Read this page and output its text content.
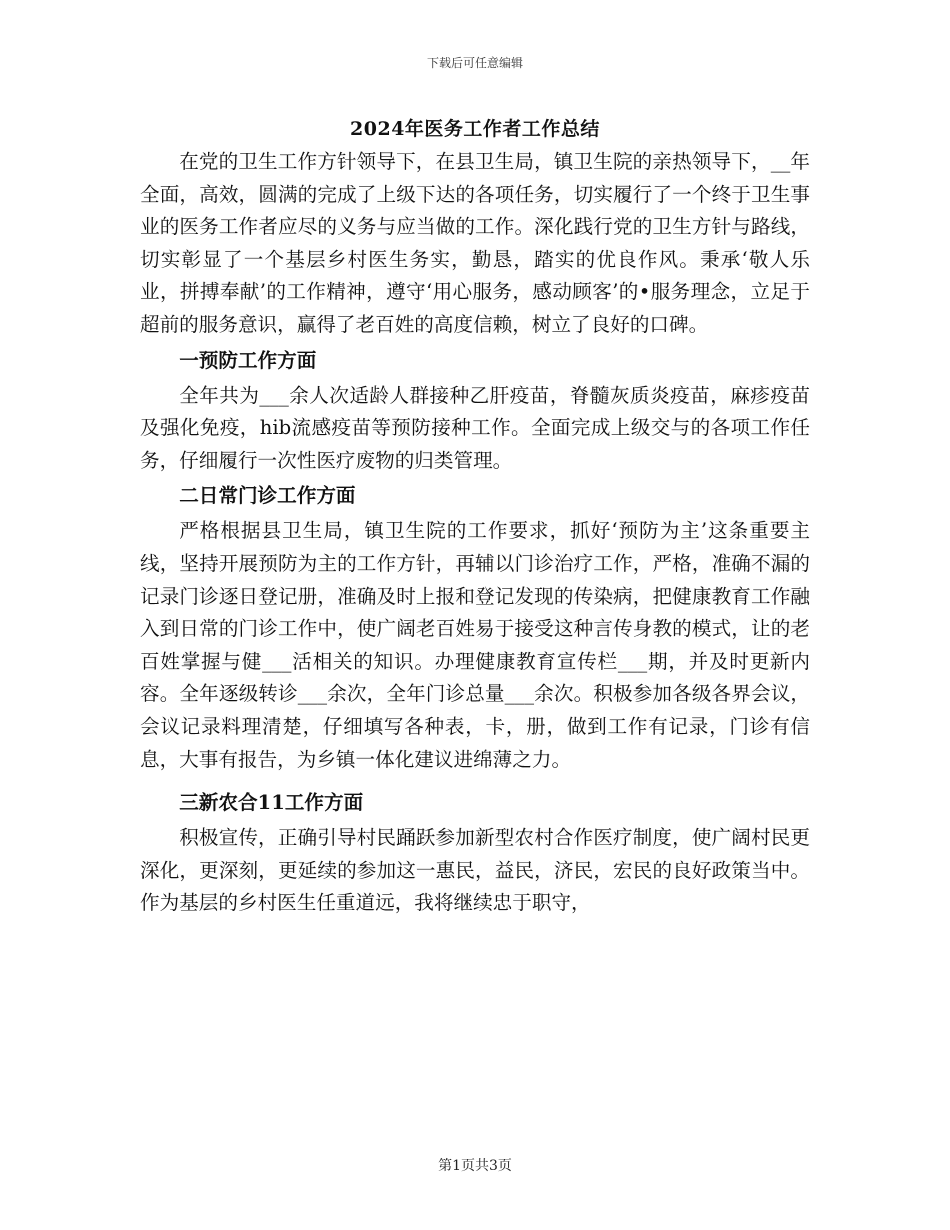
下载后可任意编辑
2024年医务工作者工作总结

在党的卫生工作方针领导下，在县卫生局，镇卫生院的亲热领导下，__年全面，高效，圆满的完成了上级下达的各项任务，切实履行了一个终于卫生事业的医务工作者应尽的义务与应当做的工作。深化践行党的卫生方针与路线，切实彰显了一个基层乡村医生务实，勤恳，踏实的优良作风。秉承‘敬人乐业，拼搏奉献’的工作精神，遵守‘用心服务，感动顾客’的•服务理念，立足于超前的服务意识，赢得了老百姓的高度信赖，树立了良好的口碑。

一预防工作方面

全年共为___余人次适龄人群接种乙肝疫苗，脊髓灰质炎疫苗，麻疹疫苗及强化免疫，hib流感疫苗等预防接种工作。全面完成上级交与的各项工作任务，仔细履行一次性医疗废物的归类管理。

二日常门诊工作方面

严格根据县卫生局，镇卫生院的工作要求，抓好‘预防为主’这条重要主线，坚持开展预防为主的工作方针，再辅以门诊治疗工作，严格，准确不漏的记录门诊逐日登记册，准确及时上报和登记发现的传染病，把健康教育工作融入到日常的门诊工作中，使广阔老百姓易于接受这种言传身教的模式，让的老百姓掌握与健___活相关的知识。办理健康教育宣传栏___期，并及时更新内容。全年逐级转诊___余次，全年门诊总量___余次。积极参加各级各界会议，会议记录料理清楚，仔细填写各种表，卡，册，做到工作有记录，门诊有信息，大事有报告，为乡镇一体化建议进绵薄之力。

三新农合11工作方面

积极宣传，正确引导村民踊跃参加新型农村合作医疗制度，使广阔村民更深化，更深刻，更延续的参加这一惠民，益民，济民，宏民的良好政策当中。作为基层的乡村医生任重道远，我将继续忠于职守，

第1页共3页
